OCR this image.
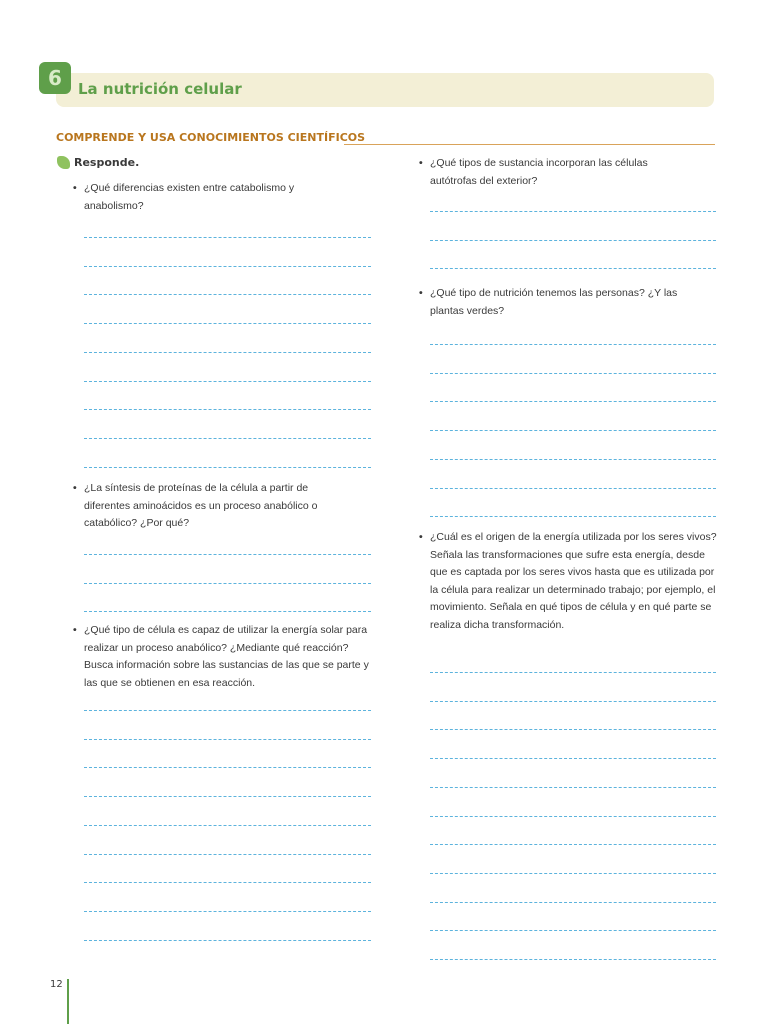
6	La nutrición celular
COMPRENDE Y USA CONOCIMIENTOS CIENTÍFICOS
Responde.
• ¿Qué diferencias existen entre catabolismo y anabolismo?
• ¿La síntesis de proteínas de la célula a partir de diferentes aminoácidos es un proceso anabólico o catabólico? ¿Por qué?
• ¿Qué tipo de célula es capaz de utilizar la energía solar para realizar un proceso anabólico? ¿Mediante qué reacción? Busca información sobre las sustancias de las que se parte y las que se obtienen en esa reacción.
• ¿Qué tipos de sustancia incorporan las células autótrofas del exterior?
• ¿Qué tipo de nutrición tenemos las personas? ¿Y las plantas verdes?
• ¿Cuál es el origen de la energía utilizada por los seres vivos? Señala las transformaciones que sufre esta energía, desde que es captada por los seres vivos hasta que es utilizada por la célula para realizar un determinado trabajo; por ejemplo, el movimiento. Señala en qué tipos de célula y en qué parte se realiza dicha transformación.
12
